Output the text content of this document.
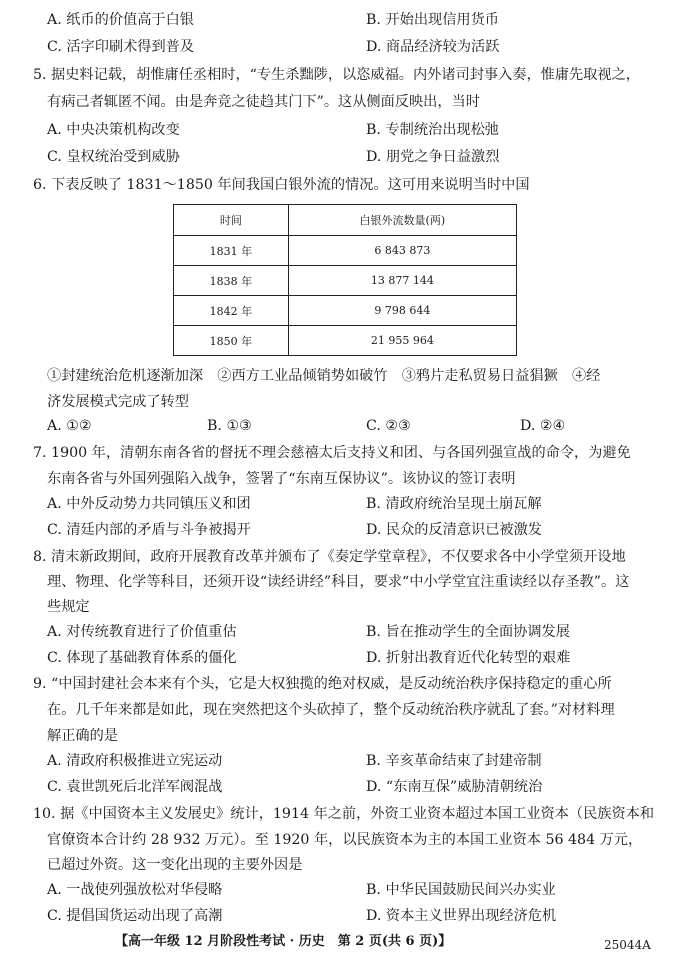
A. 纸币的价值高于白银	B. 开始出现信用货币
C. 活字印刷术得到普及	D. 商品经济较为活跃
5. 据史料记载，胡惟庸任丞相时，“专生杀黜陟，以恣威福。内外诸司封事入奏，惟庸先取视之，
有病己者辄匿不闻。由是奔竞之徒趋其门下”。这从侧面反映出，当时
A. 中央决策机构改变	B. 专制统治出现松弛
C. 皇权统治受到威胁	D. 朋党之争日益激烈
6. 下表反映了 1831～1850 年间我国白银外流的情况。这可用来说明当时中国
时间	白银外流数量(两)
1831 年	6 843 873
1838 年	13 877 144
1842 年	9 798 644
1850 年	21 955 964
①封建统治危机逐渐加深　②西方工业品倾销势如破竹　③鸦片走私贸易日益猖獗　④经
济发展模式完成了转型
A. ①②	B. ①③	C. ②③	D. ②④
7. 1900 年，清朝东南各省的督抚不理会慈禧太后支持义和团、与各国列强宣战的命令，为避免
东南各省与外国列强陷入战争，签署了“东南互保协议”。该协议的签订表明
A. 中外反动势力共同镇压义和团	B. 清政府统治呈现土崩瓦解
C. 清廷内部的矛盾与斗争被揭开	D. 民众的反清意识已被激发
8. 清末新政期间，政府开展教育改革并颁布了《奏定学堂章程》，不仅要求各中小学堂须开设地
理、物理、化学等科目，还须开设“读经讲经”科目，要求“中小学堂宜注重读经以存圣教”。这
些规定
A. 对传统教育进行了价值重估	B. 旨在推动学生的全面协调发展
C. 体现了基础教育体系的僵化	D. 折射出教育近代化转型的艰难
9. “中国封建社会本来有个头，它是大权独揽的绝对权威，是反动统治秩序保持稳定的重心所
在。几千年来都是如此，现在突然把这个头砍掉了，整个反动统治秩序就乱了套。”对材料理
解正确的是
A. 清政府积极推进立宪运动	B. 辛亥革命结束了封建帝制
C. 袁世凯死后北洋军阀混战	D. “东南互保”威胁清朝统治
10. 据《中国资本主义发展史》统计，1914 年之前，外资工业资本超过本国工业资本（民族资本和
官僚资本合计约 28 932 万元）。至 1920 年，以民族资本为主的本国工业资本 56 484 万元，
已超过外资。这一变化出现的主要外因是
A. 一战使列强放松对华侵略	B. 中华民国鼓励民间兴办实业
C. 提倡国货运动出现了高潮	D. 资本主义世界出现经济危机
【高一年级 12 月阶段性考试 · 历史　第 2 页(共 6 页)】	25044A
